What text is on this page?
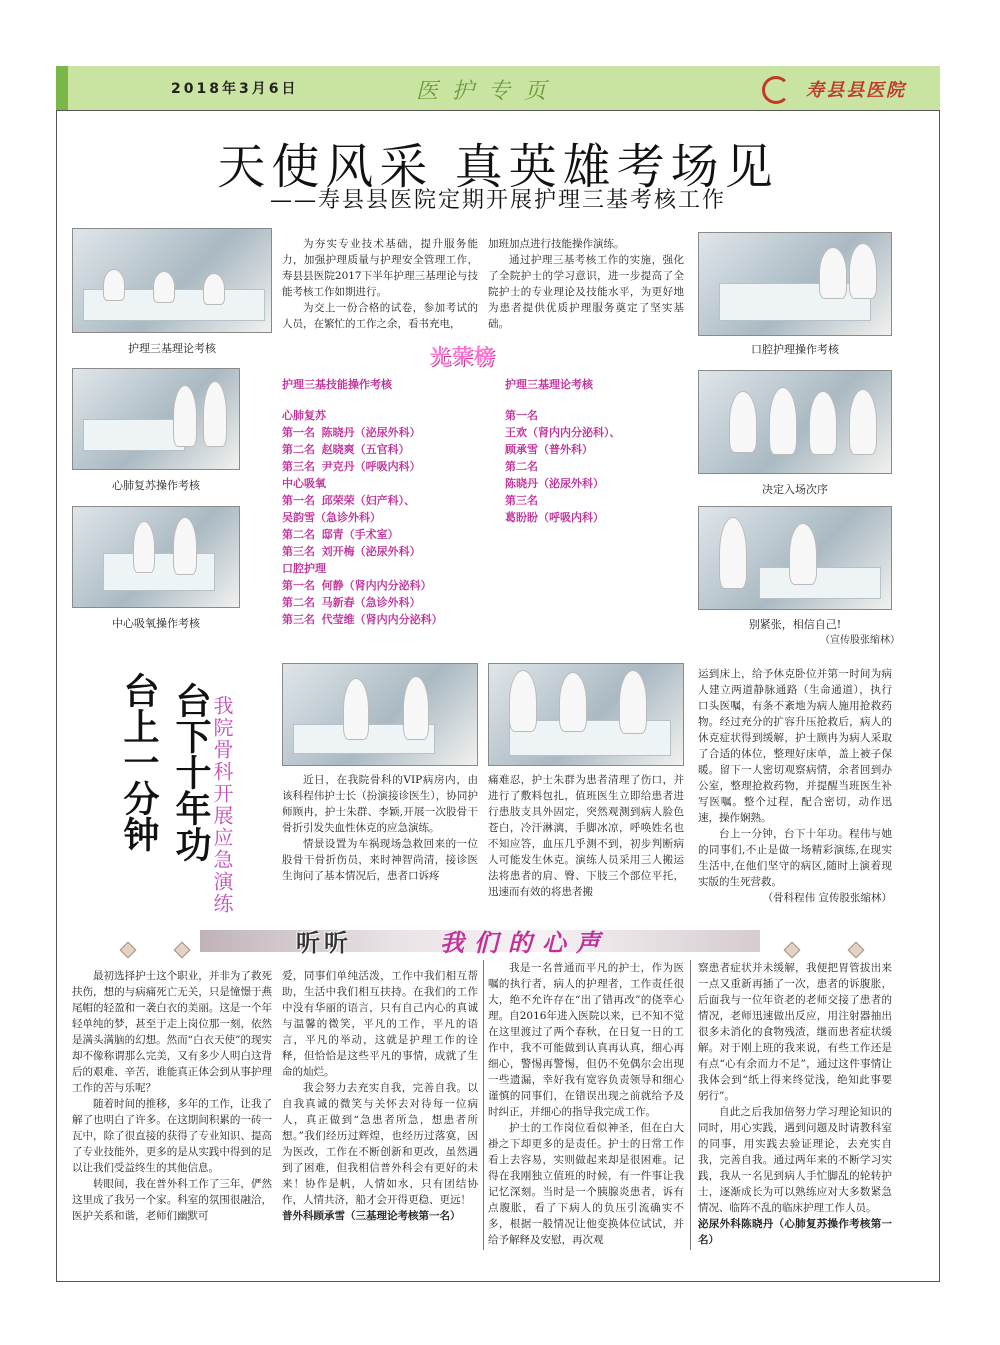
2018年3月6日	医护专页	寿县县医院
天使风采 真英雄考场见
——寿县县医院定期开展护理三基考核工作
护理三基理论考核

为夯实专业技术基础，提升服务能力，加强护理质量与护理安全管理工作，寿县县医院2017下半年护理三基理论与技能考核工作如期进行。

为交上一份合格的试卷，参加考试的人员，在繁忙的工作之余，看书充电，

加班加点进行技能操作演练。

通过护理三基考核工作的实施，强化了全院护士的学习意识，进一步提高了全院护士的专业理论及技能水平，为更好地为患者提供优质护理服务奠定了坚实基础。

口腔护理操作考核
光荣榜
心肺复苏操作考核
中心吸氧操作考核
护理三基技能操作考核
心肺复苏
第一名 陈晓丹（泌尿外科）
第二名 赵晓爽（五官科）
第三名 尹克丹（呼吸内科）
中心吸氧
第一名 邱荣荣（妇产科）、
吴韵雪（急诊外科）
第二名 邸青（手术室）
第三名 刘开梅（泌尿外科）
口腔护理
第一名 何静（肾内内分泌科）
第二名 马新春（急诊外科）
第三名 代莹维（肾内内分泌科）
护理三基理论考核
第一名
王欢（肾内内分泌科）、
顾承雪（普外科）
第二名
陈晓丹（泌尿外科）
第三名
葛盼盼（呼吸内科）
决定入场次序
别紧张，相信自己!
（宣传股张缩林）
台上一分钟 台下十年功 我院骨科开展应急演练	近日，在我院骨科的VIP病房内，由该科程伟护士长（扮演接诊医生），协同护师顾冉，护士朱群、李颖,开展一次股骨干骨折引发失血性休克的应急演练。

情景设置为车祸现场急救回来的一位股骨干骨折伤员，来时神智尚清，接诊医生询问了基本情况后，患者口诉疼

痛难忍，护士朱群为患者清理了伤口，并进行了敷料包扎，值班医生立即给患者进行患肢支具外固定，突然观测到病人脸色苍白，冷汗淋漓，手脚冰凉，呼唤姓名也不知应答，血压几乎测不到，初步判断病人可能发生休克。演练人员采用三人搬运法将患者的肩、臀、下肢三个部位平托，迅速而有效的将患者搬

运到床上，给予休克卧位并第一时间为病人建立两道静脉通路（生命通道），执行口头医嘱，有条不紊地为病人施用抢救药物。经过充分的扩容升压抢救后，病人的休克症状得到缓解，护士顾冉为病人采取了合适的体位，整理好床单，盖上被子保暖。留下一人密切观察病情，余者回到办公室，整理抢救药物，并提醒当班医生补写医嘱。整个过程，配合密切，动作迅速，操作娴熟。

台上一分钟，台下十年功。程伟与她的同事们,不止是做一场精彩演练,在现实生活中,在他们坚守的病区,随时上演着现实版的生死营救。

（骨科程伟 宣传股张缩林）

听听	我们的心声

最初选择护士这个职业，并非为了救死扶伤，想的与病痛死亡无关，只是憧憬于燕尾帽的轻盈和一袭白衣的美丽。这是一个年轻单纯的梦，甚至于走上岗位那一刻，依然是满头满脑的幻想。然而“白衣天使”的现实却不像称谓那么完美，又有多少人明白这背后的艰难、辛苦，谁能真正体会到从事护理工作的苦与乐呢？

随着时间的推移，多年的工作，让我了解了也明白了许多。在这期间积累的一砖一瓦中，除了很直接的获得了专业知识、提高了专业技能外，更多的是从实践中得到的足以让我们受益终生的其他信息。

转眼间，我在普外科工作了三年，俨然这里成了我另一个家。科室的氛围很融洽，医护关系和谐，老师们幽默可

爱，同事们单纯活泼，工作中我们相互帮助，生活中我们相互扶持。在我们的工作中没有华丽的语言，只有自己内心的真诚与温馨的微笑，平凡的工作，平凡的语言，平凡的举动，这就是护理工作的诠释，但恰恰是这些平凡的事情，成就了生命的灿烂。

我会努力去充实自我，完善自我。以自我真诚的微笑与关怀去对待每一位病人，真正做到“急患者所急，想患者所想。”我们经历过辉煌，也经历过落寞，因为医改，工作在不断创新和更改，虽然遇到了困难，但我相信普外科会有更好的未来！协作是帆，人情如水，只有团结协作，人情共济，船才会开得更稳、更远！

普外科顾承雪（三基理论考核第一名）

我是一名普通而平凡的护士，作为医嘱的执行者，病人的护理者，工作责任很大，绝不允许存在“出了错再改”的侥幸心理。自2016年进入医院以来，已不知不觉在这里渡过了两个春秋，在日复一日的工作中，我不可能做到认真再认真，细心再细心，警惕再警惕，但仍不免偶尔会出现一些遗漏，幸好我有宽容负责领导和细心谨慎的同事们，在错误出现之前就给予及时纠正，并细心的指导我完成工作。

护士的工作岗位看似神圣，但在白大褂之下却更多的是责任。护士的日常工作看上去容易，实则做起来却是很困难。记得在我刚独立值班的时候，有一件事让我记忆深刻。当时是一个胰腺炎患者，诉有点腹胀，看了下病人的负压引流确实不多，根据一般情况让他变换体位试试，并给予解释及安慰，再次观

察患者症状并未缓解，我便把胃管拔出来一点又重新再插了一次，患者的诉腹胀，后面我与一位年资老的老师交接了患者的情况，老师迅速做出反应，用注射器抽出很多未消化的食物残渣，继而患者症状缓解。对于刚上班的我来说，有些工作还是有点“心有余而力不足”，通过这件事情让我体会到“纸上得来终觉浅，绝知此事要躬行”。

自此之后我加倍努力学习理论知识的同时，用心实践，遇到问题及时请教科室的同事，用实践去验证理论，去充实自我，完善自我。通过两年来的不断学习实践，我从一名见到病人手忙脚乱的轮转护士，逐渐成长为可以熟练应对大多数紧急情况、临阵不乱的临床护理工作人员。

泌尿外科陈晓丹（心肺复苏操作考核第一名）
